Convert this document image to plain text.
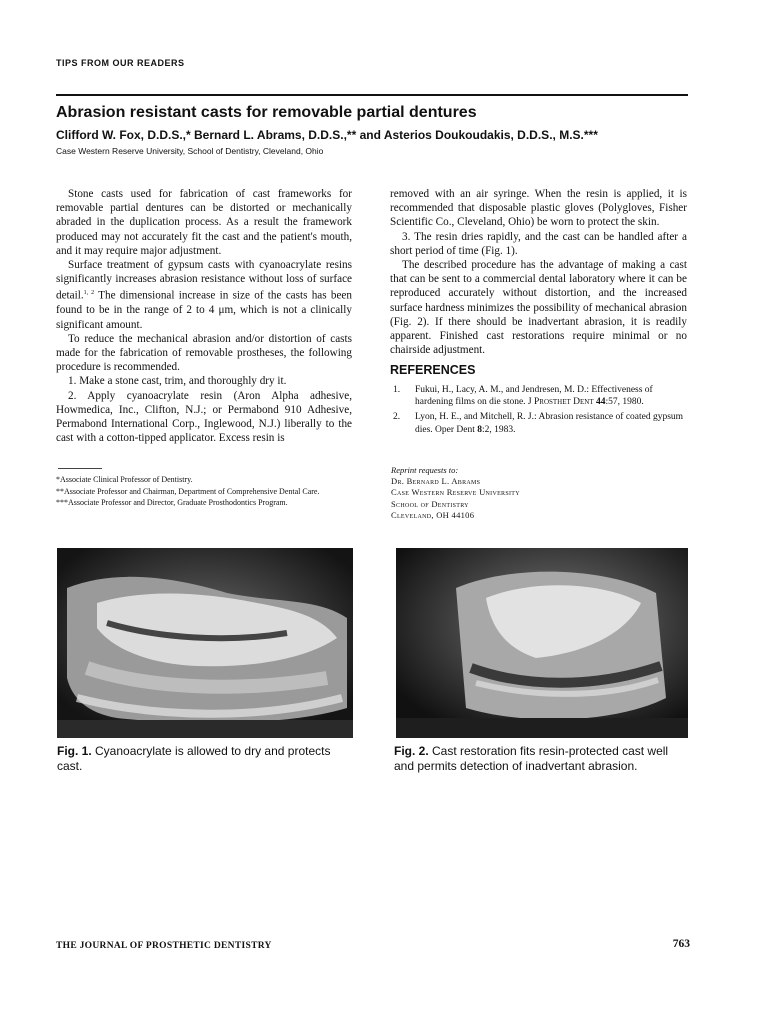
TIPS FROM OUR READERS
Abrasion resistant casts for removable partial dentures
Clifford W. Fox, D.D.S.,* Bernard L. Abrams, D.D.S.,** and Asterios Doukoudakis, D.D.S., M.S.***
Case Western Reserve University, School of Dentistry, Cleveland, Ohio

Stone casts used for fabrication of cast frameworks for removable partial dentures can be distorted or mechanically abraded in the duplication process. As a result the framework produced may not accurately fit the cast and the patient's mouth, and it may require major adjustment.

Surface treatment of gypsum casts with cyanoacrylate resins significantly increases abrasion resistance without loss of surface detail.$^{1, 2}$ The dimensional increase in size of the casts has been found to be in the range of 2 to 4 μm, which is not a clinically significant amount.

To reduce the mechanical abrasion and/or distortion of casts made for the fabrication of removable prostheses, the following procedure is recommended.

1. Make a stone cast, trim, and thoroughly dry it.

2. Apply cyanoacrylate resin (Aron Alpha adhesive, Howmedica, Inc., Clifton, N.J.; or Permabond 910 Adhesive, Permabond International Corp., Inglewood, N.J.) liberally to the cast with a cotton-tipped applicator. Excess resin is

removed with an air syringe. When the resin is applied, it is recommended that disposable plastic gloves (Polygloves, Fisher Scientific Co., Cleveland, Ohio) be worn to protect the skin.

3. The resin dries rapidly, and the cast can be handled after a short period of time (Fig. 1).

The described procedure has the advantage of making a cast that can be sent to a commercial dental laboratory where it can be reproduced accurately without distortion, and the increased surface hardness minimizes the possibility of mechanical abrasion (Fig. 2). If there should be inadvertant abrasion, it is readily apparent. Finished cast restorations require minimal or no chairside adjustment.

REFERENCES
1.	Fukui, H., Lacy, A. M., and Jendresen, M. D.: Effectiveness of hardening films on die stone. J Prosthet Dent 44:57, 1980.
2.	Lyon, H. E., and Mitchell, R. J.: Abrasion resistance of coated gypsum dies. Oper Dent 8:2, 1983.
*Associate Clinical Professor of Dentistry.
**Associate Professor and Chairman, Department of Comprehensive Dental Care.
***Associate Professor and Director, Graduate Prosthodontics Program.
Reprint requests to:
Dr. Bernard L. Abrams
Case Western Reserve University
School of Dentistry
Cleveland, OH 44106
Fig. 1. Cyanoacrylate is allowed to dry and protects cast.
Fig. 2. Cast restoration fits resin-protected cast well and permits detection of inadvertant abrasion.
THE JOURNAL OF PROSTHETIC DENTISTRY	763
